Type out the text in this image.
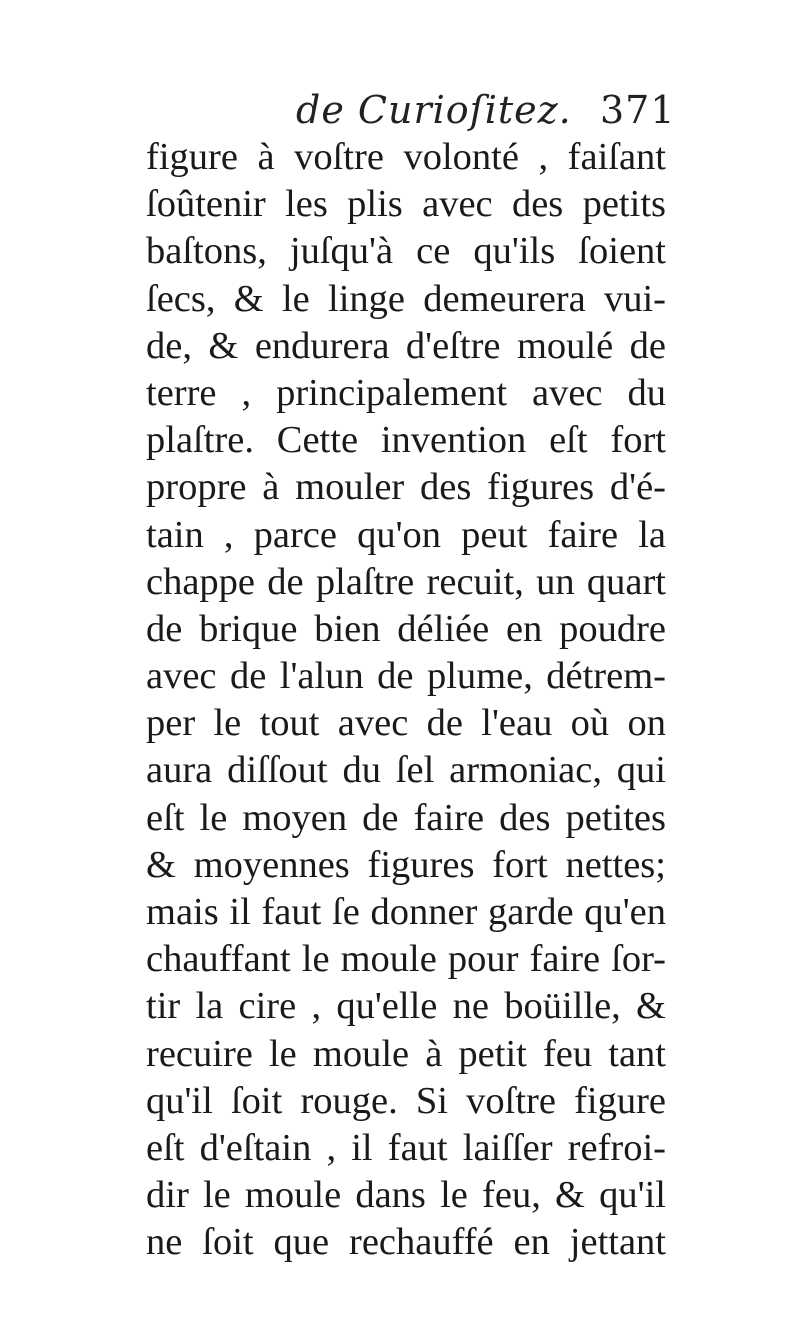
de Curioſitez. 371
figure à voſtre volonté , faiſant
ſoûtenir les plis avec des petits
baſtons, juſqu'à ce qu'ils ſoient
ſecs, & le linge demeurera vui-
de, & endurera d'eſtre moulé de
terre , principalement avec du
plaſtre. Cette invention eſt fort
propre à mouler des figures d'é-
tain , parce qu'on peut faire la
chappe de plaſtre recuit, un quart
de brique bien déliée en poudre
avec de l'alun de plume, détrem-
per le tout avec de l'eau où on
aura diſſout du ſel armoniac, qui
eſt le moyen de faire des petites
& moyennes figures fort nettes;
mais il faut ſe donner garde qu'en
chauffant le moule pour faire ſor-
tir la cire , qu'elle ne boüille, &
recuire le moule à petit feu tant
qu'il ſoit rouge. Si voſtre figure
eſt d'eſtain , il faut laiſſer refroi-
dir le moule dans le feu, & qu'il
ne ſoit que rechauffé en jettant
